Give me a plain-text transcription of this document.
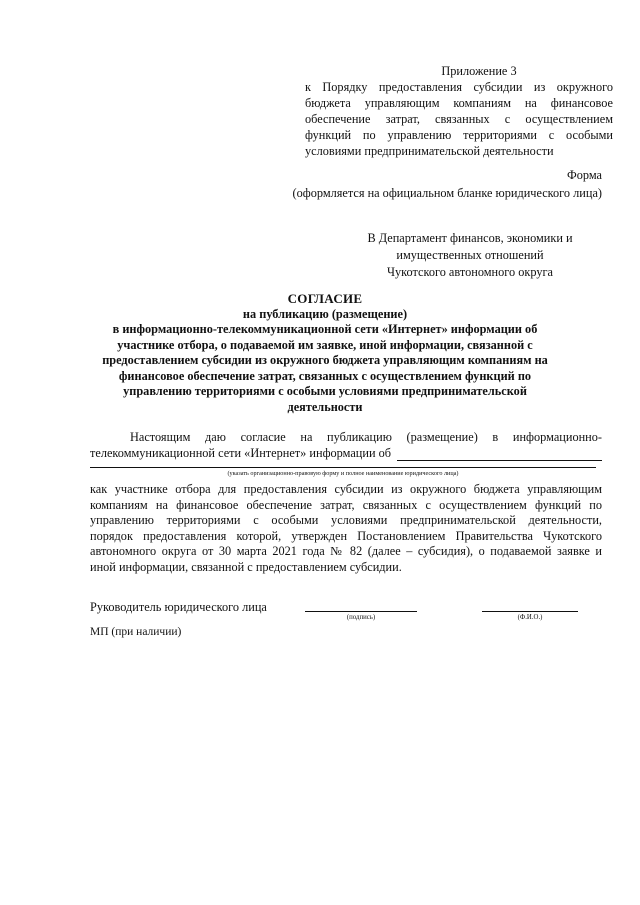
Приложение 3
к Порядку предоставления субсидии из окружного
бюджета управляющим компаниям на финансовое
обеспечение затрат, связанных с осуществлением
функций по управлению территориями с особыми
условиями предпринимательской деятельности
Форма
(оформляется на официальном бланке юридического лица)
В Департамент финансов, экономики и
имущественных отношений
Чукотского автономного округа
СОГЛАСИЕ
на публикацию (размещение)
в информационно-телекоммуникационной сети «Интернет» информации об
участнике отбора, о подаваемой им заявке, иной информации, связанной с
предоставлением субсидии из окружного бюджета управляющим компаниям на
финансовое обеспечение затрат, связанных с осуществлением функций по
управлению территориями с особыми условиями предпринимательской
деятельности
Настоящим даю согласие на публикацию (размещение) в информационно-
телекоммуникационной сети «Интернет» информации об
(указать организационно-правовую форму и полное наименование юридического лица)
как участнике отбора для предоставления субсидии из окружного бюджета управляющим
компаниям на финансовое обеспечение затрат, связанных с осуществлением функций по
управлению территориями с особыми условиями предпринимательской деятельности,
порядок предоставления которой, утвержден Постановлением Правительства Чукотского
автономного округа от 30 марта 2021 года № 82 (далее – субсидия), о подаваемой заявке и
иной информации, связанной с предоставлением субсидии.
Руководитель юридического лица
(подпись)	(Ф.И.О.)
МП (при наличии)
